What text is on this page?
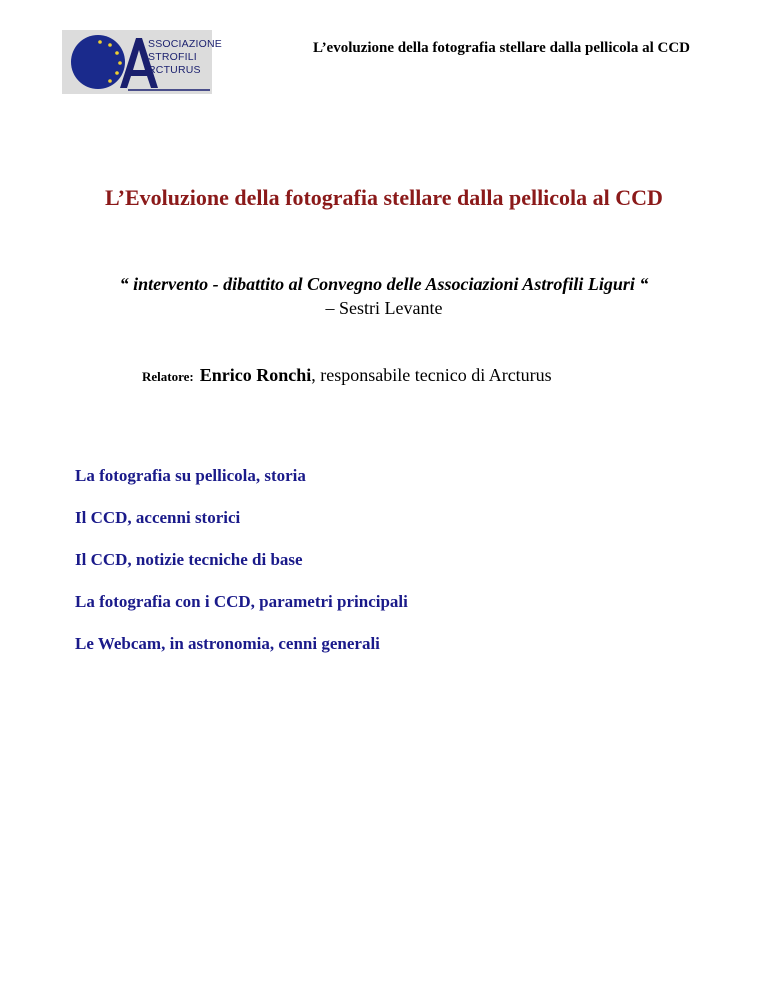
SSOCIAZIONE
STROFILI
RCTURUS
L’evoluzione della fotografia stellare dalla pellicola al CCD
L’Evoluzione della fotografia stellare dalla pellicola al CCD
“ intervento - dibattito al Convegno delle Associazioni Astrofili Liguri “
– Sestri Levante
Relatore: Enrico Ronchi, responsabile tecnico di Arcturus
La fotografia su pellicola, storia
Il CCD, accenni storici
Il CCD, notizie tecniche di base
La fotografia con i CCD, parametri principali
Le Webcam, in astronomia, cenni generali
